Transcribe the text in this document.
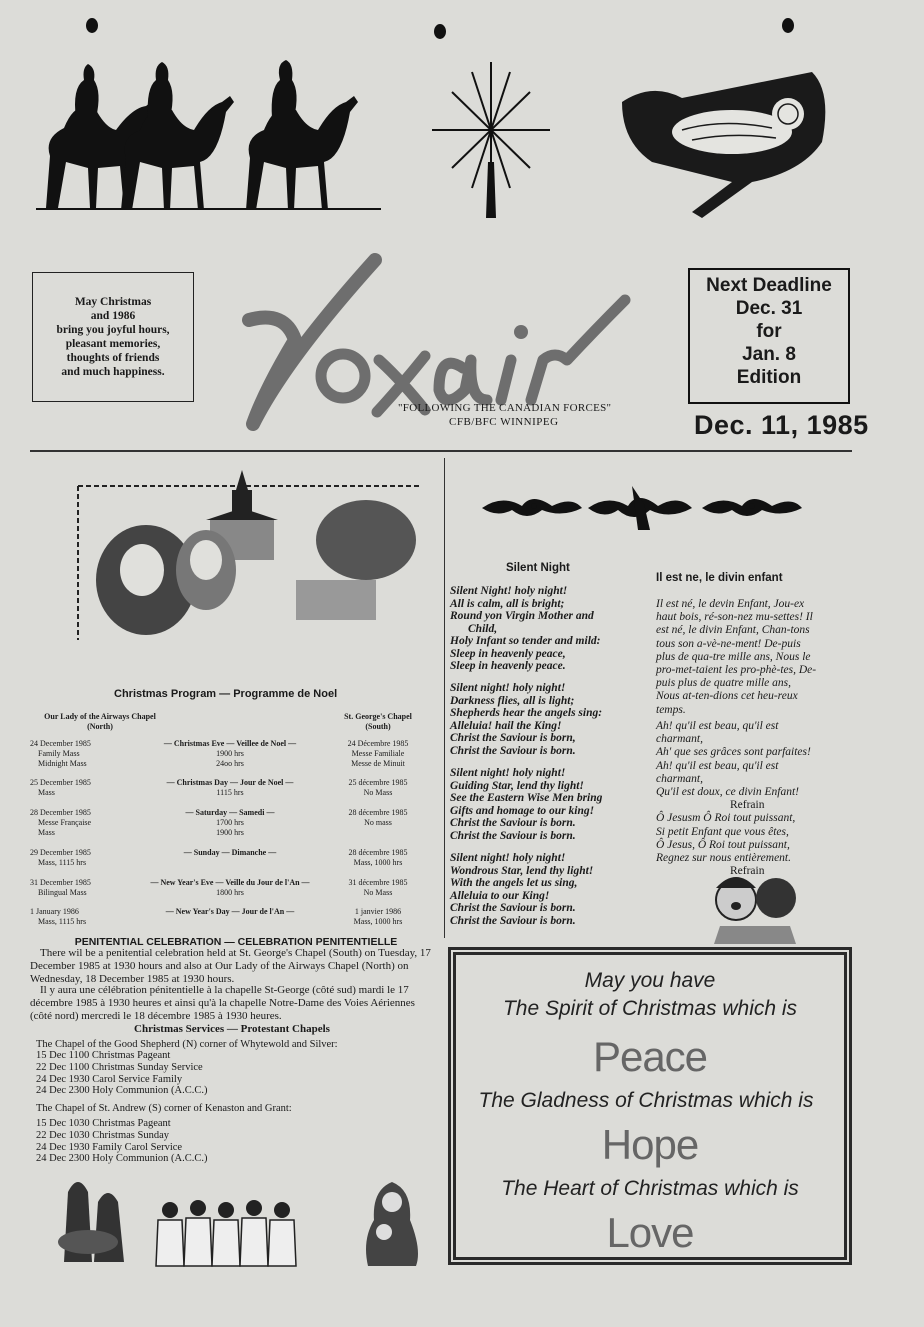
May Christmas
and 1986
bring you joyful hours,
pleasant memories,
thoughts of friends
and much happiness.
Voxair
"FOLLOWING THE CANADIAN FORCES"
CFB/BFC WINNIPEG
Next Deadline
Dec. 31
for
Jan. 8
Edition
Dec. 11, 1985
Christmas Program — Programme de Noel
Our Lady of the Airways Chapel
(North)
St. George's Chapel
(South)
24 December 1985
Family Mass
Midnight Mass
— Christmas Eve — Veillee de Noel —
1900 hrs
24oo hrs
24 Décembre 1985
Messe Familiale
Messe de Minuit
25 December 1985
Mass
— Christmas Day — Jour de Noel —
1115 hrs
25 décembre 1985
No Mass
28 December 1985
Messe Française
Mass
— Saturday — Samedi —
1700 hrs
1900 hrs
28 décembre 1985
No mass
29 December 1985
Mass, 1115 hrs
— Sunday — Dimanche —	28 décembre 1985
Mass, 1000 hrs
31 December 1985
Bilingual Mass
— New Year's Eve — Veille du Jour de l'An —
1800 hrs
31 décembre 1985
No Mass
1 January 1986
Mass, 1115 hrs
— New Year's Day — Jour de l'An —	1 janvier 1986
Mass, 1000 hrs
PENITENTIAL CELEBRATION — CELEBRATION PENITENTIELLE
There wil be a penitential celebration held at St. George's Chapel (South) on Tuesday, 17 December 1985 at 1930 hours and also at Our Lady of the Airways Chapel (North) on Wednesday, 18 December 1985 at 1930 hours.
Il y aura une célébration pénitentielle à la chapelle St-George (côté sud) mardi le 17 décembre 1985 à 1930 heures et ainsi qu'à la chapelle Notre-Dame des Voies Aériennes (côté nord) mercredi le 18 décembre 1985 à 1930 heures.
Christmas Services — Protestant Chapels
The Chapel of the Good Shepherd (N) corner of Whytewold and Silver:
15 Dec 1100 Christmas Pageant
22 Dec 1100 Christmas Sunday Service
24 Dec 1930 Carol Service Family
24 Dec 2300 Holy Communion (A.C.C.)
The Chapel of St. Andrew (S) corner of Kenaston and Grant:
15 Dec 1030 Christmas Pageant
22 Dec 1030 Christmas Sunday
24 Dec 1930 Family Carol Service
24 Dec 2300 Holy Communion (A.C.C.)
Silent Night
Silent Night! holy night!
All is calm, all is bright;
Round yon Virgin Mother and
Child,
Holy Infant so tender and mild:
Sleep in heavenly peace,
Sleep in heavenly peace.
Silent night! holy night!
Darkness flies, all is light;
Shepherds hear the angels sing:
Alleluia! hail the King!
Christ the Saviour is born,
Christ the Saviour is born.
Silent night! holy night!
Guiding Star, lend thy light!
See the Eastern Wise Men bring
Gifts and homage to our king!
Christ the Saviour is born.
Christ the Saviour is born.
Silent night! holy night!
Wondrous Star, lend thy light!
With the angels let us sing,
Alleluia to our King!
Christ the Saviour is born.
Christ the Saviour is born.
Il est ne, le divin enfant
Il est né, le devin Enfant, Jou-ex
haut bois, ré-son-nez mu-settes! Il
est né, le divin Enfant, Chan-tons
tous son a-vè-ne-ment! De-puis
plus de qua-tre mille ans, Nous le
pro-met-taient les pro-phè-tes, De-
puis plus de quatre mille ans,
Nous at-ten-dions cet heu-reux
temps.
Ah! qu'il est beau, qu'il est
charmant,
Ah' que ses grâces sont parfaites!
Ah! qu'il est beau, qu'il est
charmant,
Qu'il est doux, ce divin Enfant!
Refrain
Ô Jesusm Ô Roi tout puissant,
Si petit Enfant que vous êtes,
Ô Jesus, Ô Roi tout puissant,
Regnez sur nous entièrement.
Refrain
May you have
The Spirit of Christmas which is
Peace
The Gladness of Christmas which is
Hope
The Heart of Christmas which is
Love
